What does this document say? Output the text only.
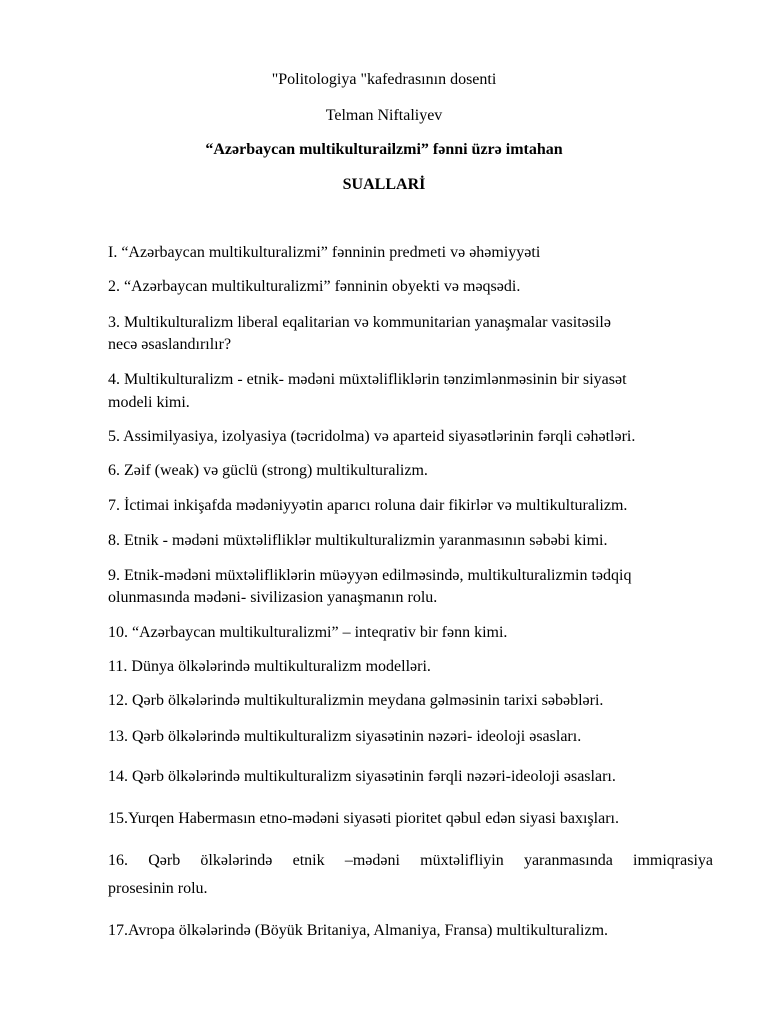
"Politologiya "kafedrasının dosenti
Telman Niftaliyev
“Azərbaycan multikulturailzmi” fənni üzrə imtahan
SUALLARİ
I. “Azərbaycan multikulturalizmi” fənninin predmeti və əhəmiyyəti
2. “Azərbaycan multikulturalizmi” fənninin obyekti və məqsədi.
3. Multikulturalizm liberal eqalitarian və kommunitarian yanaşmalar vasitəsilə
necə əsaslandırılır?
4. Multikulturalizm - etnik- mədəni müxtəlifliklərin tənzimlənməsinin bir siyasət
modeli kimi.
5. Assimilyasiya, izolyasiya (təcridolma) və aparteid siyasətlərinin fərqli cəhətləri.
6. Zəif (weak) və güclü (strong) multikulturalizm.
7. İctimai inkişafda mədəniyyətin aparıcı roluna dair fikirlər və multikulturalizm.
8. Etnik - mədəni müxtəlifliklər multikulturalizmin yaranmasının səbəbi kimi.
9. Etnik-mədəni müxtəlifliklərin müəyyən edilməsində, multikulturalizmin tədqiq
olunmasında mədəni- sivilizasion yanaşmanın rolu.
10. “Azərbaycan multikulturalizmi” – inteqrativ bir fənn kimi.
11. Dünya ölkələrində multikulturalizm modelləri.
12. Qərb ölkələrində multikulturalizmin meydana gəlməsinin tarixi səbəbləri.
13. Qərb ölkələrində multikulturalizm siyasətinin nəzəri- ideoloji əsasları.
14. Qərb ölkələrində multikulturalizm siyasətinin fərqli nəzəri-ideoloji əsasları.
15.Yurqen Habermasın etno-mədəni siyasəti pioritet qəbul edən siyasi baxışları.
16. Qərb ölkələrində etnik –mədəni müxtəlifliyin yaranmasında immiqrasiya
prosesinin rolu.
17.Avropa ölkələrində (Böyük Britaniya, Almaniya, Fransa) multikulturalizm.
